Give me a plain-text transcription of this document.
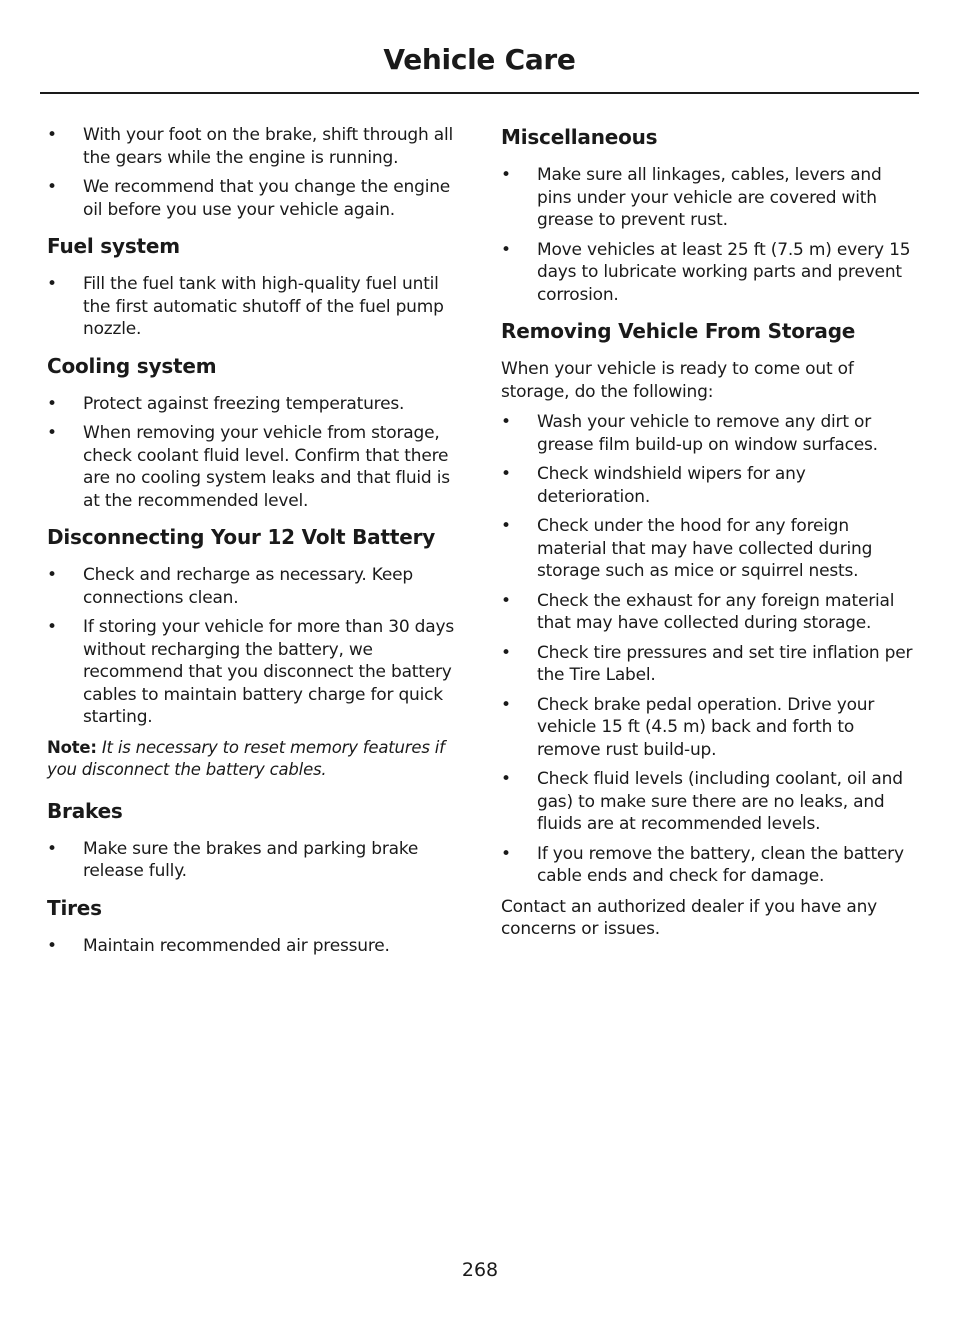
Vehicle Care
• With your foot on the brake, shift through all the gears while the engine is running.
• We recommend that you change the engine oil before you use your vehicle again.
Fuel system
• Fill the fuel tank with high-quality fuel until the first automatic shutoff of the fuel pump nozzle.
Cooling system
• Protect against freezing temperatures.
• When removing your vehicle from storage, check coolant fluid level. Confirm that there are no cooling system leaks and that fluid is at the recommended level.
Disconnecting Your 12 Volt Battery
• Check and recharge as necessary. Keep connections clean.
• If storing your vehicle for more than 30 days without recharging the battery, we recommend that you disconnect the battery cables to maintain battery charge for quick starting.

Note: It is necessary to reset memory features if you disconnect the battery cables.

Brakes
• Make sure the brakes and parking brake release fully.
Tires
• Maintain recommended air pressure.
Miscellaneous
• Make sure all linkages, cables, levers and pins under your vehicle are covered with grease to prevent rust.
• Move vehicles at least 25 ft (7.5 m) every 15 days to lubricate working parts and prevent corrosion.
Removing Vehicle From Storage

When your vehicle is ready to come out of storage, do the following:

• Wash your vehicle to remove any dirt or grease film build-up on window surfaces.
• Check windshield wipers for any deterioration.
• Check under the hood for any foreign material that may have collected during storage such as mice or squirrel nests.
• Check the exhaust for any foreign material that may have collected during storage.
• Check tire pressures and set tire inflation per the Tire Label.
• Check brake pedal operation. Drive your vehicle 15 ft (4.5 m) back and forth to remove rust build-up.
• Check fluid levels (including coolant, oil and gas) to make sure there are no leaks, and fluids are at recommended levels.
• If you remove the battery, clean the battery cable ends and check for damage.

Contact an authorized dealer if you have any concerns or issues.

268
